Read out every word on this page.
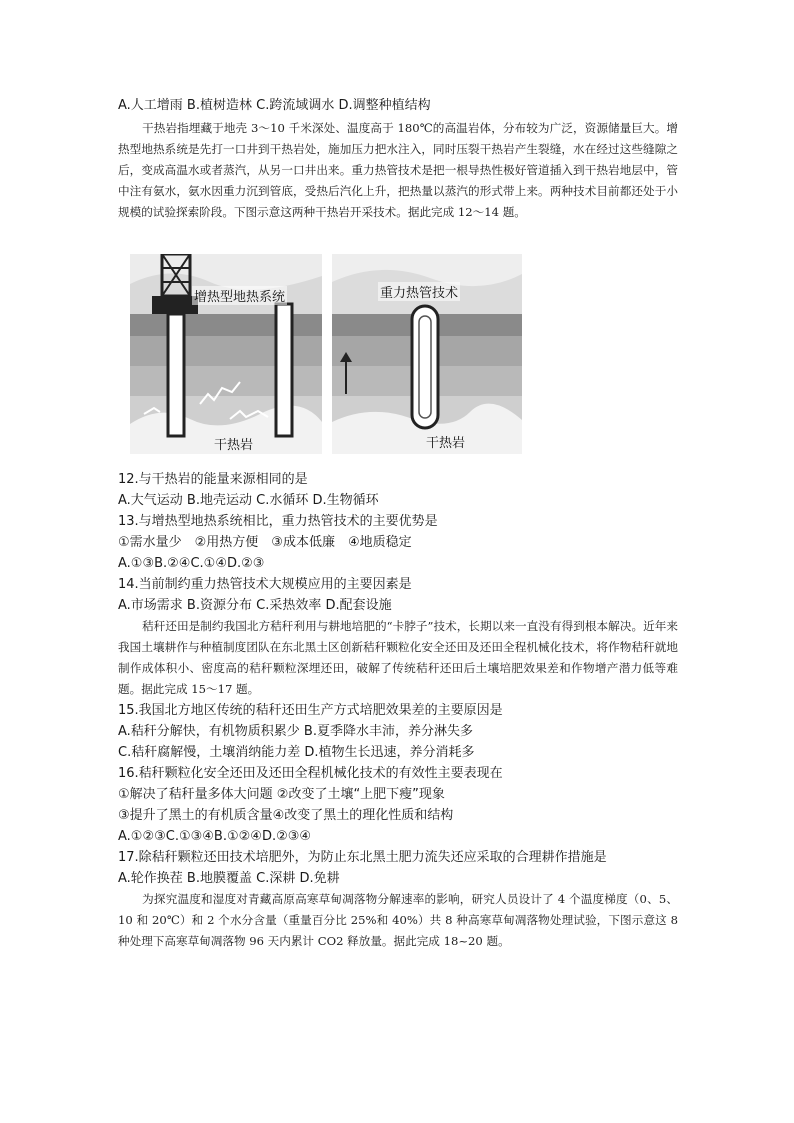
A.人工增雨 B.植树造林 C.跨流域调水 D.调整种植结构
干热岩指埋藏于地壳 3～10 千米深处、温度高于 180℃的高温岩体，分布较为广泛，资源储量巨大。增热型地热系统是先打一口井到干热岩处，施加压力把水注入，同时压裂干热岩产生裂缝，水在经过这些缝隙之后，变成高温水或者蒸汽，从另一口井出来。重力热管技术是把一根导热性极好管道插入到干热岩地层中，管中注有氨水，氨水因重力沉到管底，受热后汽化上升，把热量以蒸汽的形式带上来。两种技术目前都还处于小规模的试验探索阶段。下图示意这两种干热岩开采技术。据此完成 12～14 题。
增热型地热系统	重力热管技术
干热岩	干热岩
12.与干热岩的能量来源相同的是
A.大气运动 B.地壳运动 C.水循环 D.生物循环
13.与增热型地热系统相比，重力热管技术的主要优势是
①需水量少　②用热方便　③成本低廉　④地质稳定
A.①③B.②④C.①④D.②③
14.当前制约重力热管技术大规模应用的主要因素是
A.市场需求 B.资源分布 C.采热效率 D.配套设施
秸秆还田是制约我国北方秸秆利用与耕地培肥的“卡脖子”技术，长期以来一直没有得到根本解决。近年来我国土壤耕作与种植制度团队在东北黑土区创新秸秆颗粒化安全还田及还田全程机械化技术，将作物秸秆就地制作成体积小、密度高的秸秆颗粒深埋还田，破解了传统秸秆还田后土壤培肥效果差和作物增产潜力低等难题。据此完成 15～17 题。
15.我国北方地区传统的秸秆还田生产方式培肥效果差的主要原因是
A.秸秆分解快，有机物质积累少 B.夏季降水丰沛，养分淋失多
C.秸秆腐解慢，土壤消纳能力差 D.植物生长迅速，养分消耗多
16.秸秆颗粒化安全还田及还田全程机械化技术的有效性主要表现在
①解决了秸秆量多体大问题 ②改变了土壤“上肥下瘦”现象
③提升了黑土的有机质含量④改变了黑土的理化性质和结构
A.①②③C.①③④B.①②④D.②③④
17.除秸秆颗粒还田技术培肥外，为防止东北黑土肥力流失还应采取的合理耕作措施是
A.轮作换茬 B.地膜覆盖 C.深耕 D.免耕
为探究温度和湿度对青藏高原高寒草甸凋落物分解速率的影响，研究人员设计了 4 个温度梯度（0、5、10 和 20℃）和 2 个水分含量（重量百分比 25%和 40%）共 8 种高寒草甸凋落物处理试验，下图示意这 8 种处理下高寒草甸凋落物 96 天内累计 CO2 释放量。据此完成 18~20 题。
